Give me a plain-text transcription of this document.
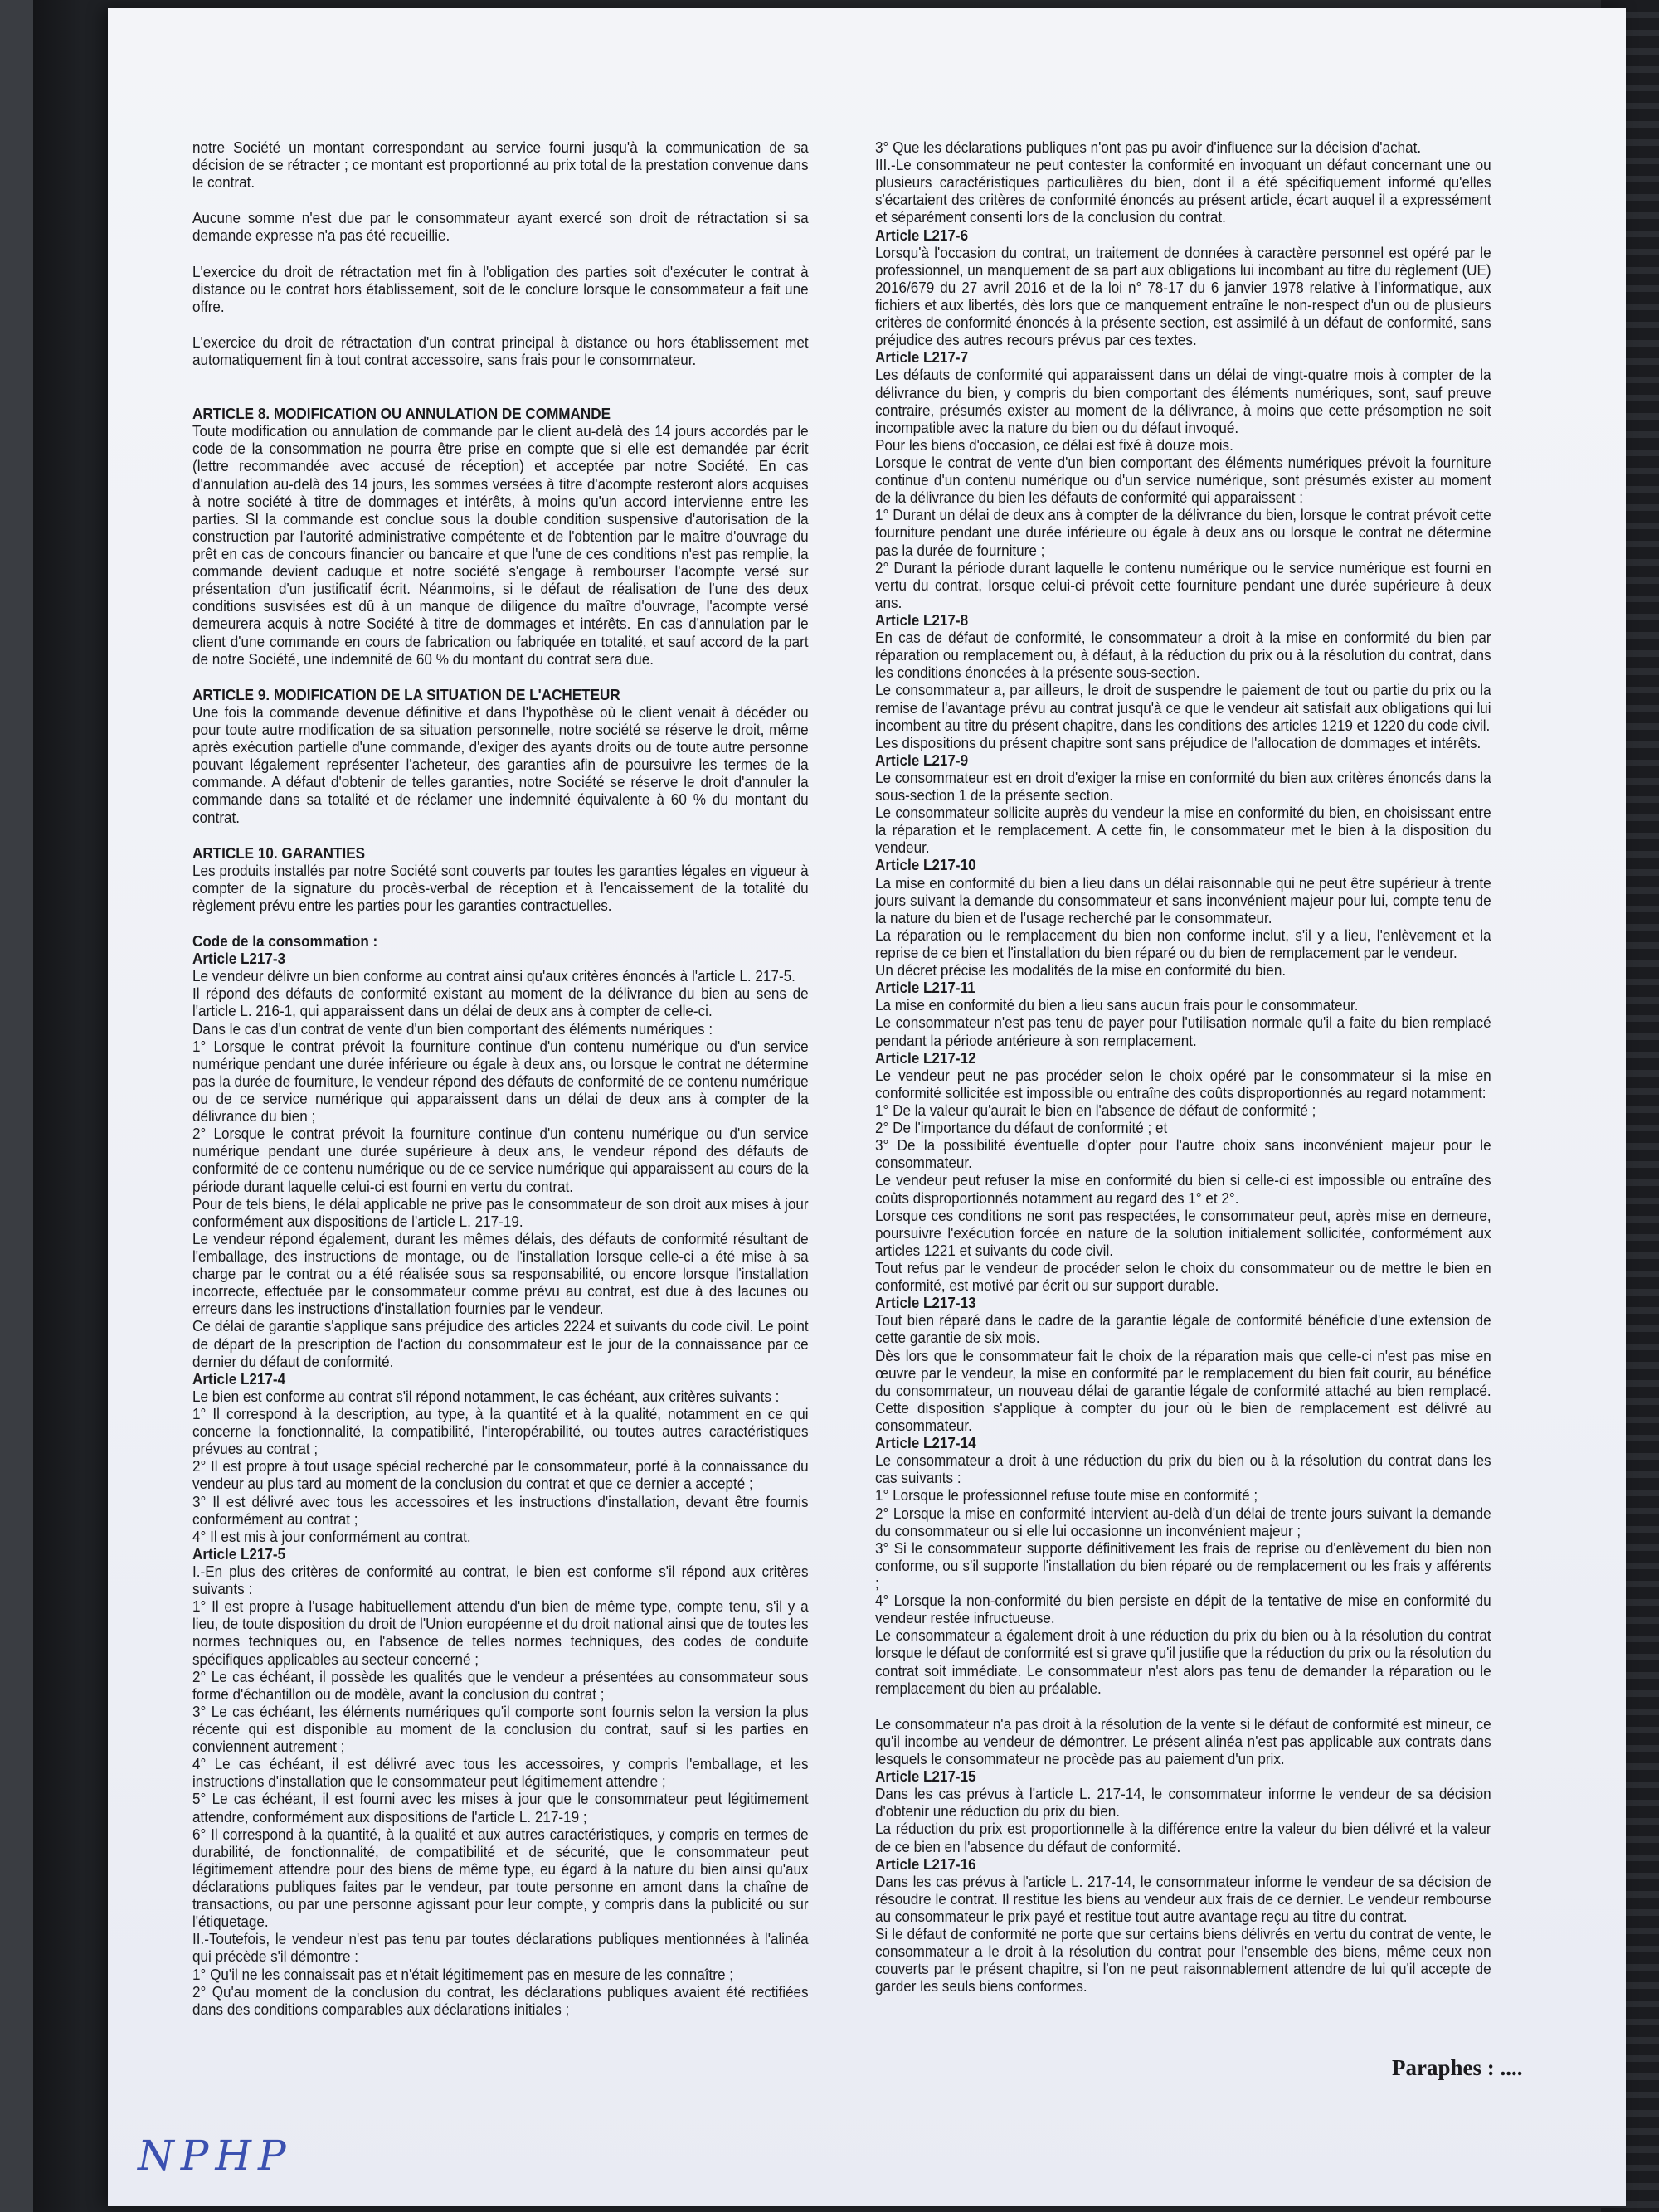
notre Société un montant correspondant au service fourni jusqu'à la communication de sa décision de se rétracter ; ce montant est proportionné au prix total de la prestation convenue dans le contrat.

Aucune somme n'est due par le consommateur ayant exercé son droit de rétractation si sa demande expresse n'a pas été recueillie.

L'exercice du droit de rétractation met fin à l'obligation des parties soit d'exécuter le contrat à distance ou le contrat hors établissement, soit de le conclure lorsque le consommateur a fait une offre.

L'exercice du droit de rétractation d'un contrat principal à distance ou hors établissement met automatiquement fin à tout contrat accessoire, sans frais pour le consommateur.

ARTICLE 8. MODIFICATION OU ANNULATION DE COMMANDE

Toute modification ou annulation de commande par le client au-delà des 14 jours accordés par le code de la consommation ne pourra être prise en compte que si elle est demandée par écrit (lettre recommandée avec accusé de réception) et acceptée par notre Société. En cas d'annulation au-delà des 14 jours, les sommes versées à titre d'acompte resteront alors acquises à notre société à titre de dommages et intérêts, à moins qu'un accord intervienne entre les parties. SI la commande est conclue sous la double condition suspensive d'autorisation de la construction par l'autorité administrative compétente et de l'obtention par le maître d'ouvrage du prêt en cas de concours financier ou bancaire et que l'une de ces conditions n'est pas remplie, la commande devient caduque et notre société s'engage à rembourser l'acompte versé sur présentation d'un justificatif écrit. Néanmoins, si le défaut de réalisation de l'une des deux conditions susvisées est dû à un manque de diligence du maître d'ouvrage, l'acompte versé demeurera acquis à notre Société à titre de dommages et intérêts. En cas d'annulation par le client d'une commande en cours de fabrication ou fabriquée en totalité, et sauf accord de la part de notre Société, une indemnité de 60 % du montant du contrat sera due.

ARTICLE 9. MODIFICATION DE LA SITUATION DE L'ACHETEUR

Une fois la commande devenue définitive et dans l'hypothèse où le client venait à décéder ou pour toute autre modification de sa situation personnelle, notre société se réserve le droit, même après exécution partielle d'une commande, d'exiger des ayants droits ou de toute autre personne pouvant légalement représenter l'acheteur, des garanties afin de poursuivre les termes de la commande. A défaut d'obtenir de telles garanties, notre Société se réserve le droit d'annuler la commande dans sa totalité et de réclamer une indemnité équivalente à 60 % du montant du contrat.

ARTICLE 10. GARANTIES

Les produits installés par notre Société sont couverts par toutes les garanties légales en vigueur à compter de la signature du procès-verbal de réception et à l'encaissement de la totalité du règlement prévu entre les parties pour les garanties contractuelles.

Code de la consommation :

Article L217-3

Le vendeur délivre un bien conforme au contrat ainsi qu'aux critères énoncés à l'article L. 217-5.

Il répond des défauts de conformité existant au moment de la délivrance du bien au sens de l'article L. 216-1, qui apparaissent dans un délai de deux ans à compter de celle-ci.

Dans le cas d'un contrat de vente d'un bien comportant des éléments numériques :

1° Lorsque le contrat prévoit la fourniture continue d'un contenu numérique ou d'un service numérique pendant une durée inférieure ou égale à deux ans, ou lorsque le contrat ne détermine pas la durée de fourniture, le vendeur répond des défauts de conformité de ce contenu numérique ou de ce service numérique qui apparaissent dans un délai de deux ans à compter de la délivrance du bien ;

2° Lorsque le contrat prévoit la fourniture continue d'un contenu numérique ou d'un service numérique pendant une durée supérieure à deux ans, le vendeur répond des défauts de conformité de ce contenu numérique ou de ce service numérique qui apparaissent au cours de la période durant laquelle celui-ci est fourni en vertu du contrat.

Pour de tels biens, le délai applicable ne prive pas le consommateur de son droit aux mises à jour conformément aux dispositions de l'article L. 217-19.

Le vendeur répond également, durant les mêmes délais, des défauts de conformité résultant de l'emballage, des instructions de montage, ou de l'installation lorsque celle-ci a été mise à sa charge par le contrat ou a été réalisée sous sa responsabilité, ou encore lorsque l'installation incorrecte, effectuée par le consommateur comme prévu au contrat, est due à des lacunes ou erreurs dans les instructions d'installation fournies par le vendeur.

Ce délai de garantie s'applique sans préjudice des articles 2224 et suivants du code civil. Le point de départ de la prescription de l'action du consommateur est le jour de la connaissance par ce dernier du défaut de conformité.

Article L217-4

Le bien est conforme au contrat s'il répond notamment, le cas échéant, aux critères suivants :

1° Il correspond à la description, au type, à la quantité et à la qualité, notamment en ce qui concerne la fonctionnalité, la compatibilité, l'interopérabilité, ou toutes autres caractéristiques prévues au contrat ;

2° Il est propre à tout usage spécial recherché par le consommateur, porté à la connaissance du vendeur au plus tard au moment de la conclusion du contrat et que ce dernier a accepté ;

3° Il est délivré avec tous les accessoires et les instructions d'installation, devant être fournis conformément au contrat ;

4° Il est mis à jour conformément au contrat.

Article L217-5

I.-En plus des critères de conformité au contrat, le bien est conforme s'il répond aux critères suivants :

1° Il est propre à l'usage habituellement attendu d'un bien de même type, compte tenu, s'il y a lieu, de toute disposition du droit de l'Union européenne et du droit national ainsi que de toutes les normes techniques ou, en l'absence de telles normes techniques, des codes de conduite spécifiques applicables au secteur concerné ;

2° Le cas échéant, il possède les qualités que le vendeur a présentées au consommateur sous forme d'échantillon ou de modèle, avant la conclusion du contrat ;

3° Le cas échéant, les éléments numériques qu'il comporte sont fournis selon la version la plus récente qui est disponible au moment de la conclusion du contrat, sauf si les parties en conviennent autrement ;

4° Le cas échéant, il est délivré avec tous les accessoires, y compris l'emballage, et les instructions d'installation que le consommateur peut légitimement attendre ;

5° Le cas échéant, il est fourni avec les mises à jour que le consommateur peut légitimement attendre, conformément aux dispositions de l'article L. 217-19 ;

6° Il correspond à la quantité, à la qualité et aux autres caractéristiques, y compris en termes de durabilité, de fonctionnalité, de compatibilité et de sécurité, que le consommateur peut légitimement attendre pour des biens de même type, eu égard à la nature du bien ainsi qu'aux déclarations publiques faites par le vendeur, par toute personne en amont dans la chaîne de transactions, ou par une personne agissant pour leur compte, y compris dans la publicité ou sur l'étiquetage.

II.-Toutefois, le vendeur n'est pas tenu par toutes déclarations publiques mentionnées à l'alinéa qui précède s'il démontre :

1° Qu'il ne les connaissait pas et n'était légitimement pas en mesure de les connaître ;

2° Qu'au moment de la conclusion du contrat, les déclarations publiques avaient été rectifiées dans des conditions comparables aux déclarations initiales ;

3° Que les déclarations publiques n'ont pas pu avoir d'influence sur la décision d'achat.

III.-Le consommateur ne peut contester la conformité en invoquant un défaut concernant une ou plusieurs caractéristiques particulières du bien, dont il a été spécifiquement informé qu'elles s'écartaient des critères de conformité énoncés au présent article, écart auquel il a expressément et séparément consenti lors de la conclusion du contrat.

Article L217-6

Lorsqu'à l'occasion du contrat, un traitement de données à caractère personnel est opéré par le professionnel, un manquement de sa part aux obligations lui incombant au titre du règlement (UE) 2016/679 du 27 avril 2016 et de la loi n° 78-17 du 6 janvier 1978 relative à l'informatique, aux fichiers et aux libertés, dès lors que ce manquement entraîne le non-respect d'un ou de plusieurs critères de conformité énoncés à la présente section, est assimilé à un défaut de conformité, sans préjudice des autres recours prévus par ces textes.

Article L217-7

Les défauts de conformité qui apparaissent dans un délai de vingt-quatre mois à compter de la délivrance du bien, y compris du bien comportant des éléments numériques, sont, sauf preuve contraire, présumés exister au moment de la délivrance, à moins que cette présomption ne soit incompatible avec la nature du bien ou du défaut invoqué.

Pour les biens d'occasion, ce délai est fixé à douze mois.

Lorsque le contrat de vente d'un bien comportant des éléments numériques prévoit la fourniture continue d'un contenu numérique ou d'un service numérique, sont présumés exister au moment de la délivrance du bien les défauts de conformité qui apparaissent :

1° Durant un délai de deux ans à compter de la délivrance du bien, lorsque le contrat prévoit cette fourniture pendant une durée inférieure ou égale à deux ans ou lorsque le contrat ne détermine pas la durée de fourniture ;

2° Durant la période durant laquelle le contenu numérique ou le service numérique est fourni en vertu du contrat, lorsque celui-ci prévoit cette fourniture pendant une durée supérieure à deux ans.

Article L217-8

En cas de défaut de conformité, le consommateur a droit à la mise en conformité du bien par réparation ou remplacement ou, à défaut, à la réduction du prix ou à la résolution du contrat, dans les conditions énoncées à la présente sous-section.

Le consommateur a, par ailleurs, le droit de suspendre le paiement de tout ou partie du prix ou la remise de l'avantage prévu au contrat jusqu'à ce que le vendeur ait satisfait aux obligations qui lui incombent au titre du présent chapitre, dans les conditions des articles 1219 et 1220 du code civil.

Les dispositions du présent chapitre sont sans préjudice de l'allocation de dommages et intérêts.

Article L217-9

Le consommateur est en droit d'exiger la mise en conformité du bien aux critères énoncés dans la sous-section 1 de la présente section.

Le consommateur sollicite auprès du vendeur la mise en conformité du bien, en choisissant entre la réparation et le remplacement. A cette fin, le consommateur met le bien à la disposition du vendeur.

Article L217-10

La mise en conformité du bien a lieu dans un délai raisonnable qui ne peut être supérieur à trente jours suivant la demande du consommateur et sans inconvénient majeur pour lui, compte tenu de la nature du bien et de l'usage recherché par le consommateur.

La réparation ou le remplacement du bien non conforme inclut, s'il y a lieu, l'enlèvement et la reprise de ce bien et l'installation du bien réparé ou du bien de remplacement par le vendeur.

Un décret précise les modalités de la mise en conformité du bien.

Article L217-11

La mise en conformité du bien a lieu sans aucun frais pour le consommateur.

Le consommateur n'est pas tenu de payer pour l'utilisation normale qu'il a faite du bien remplacé pendant la période antérieure à son remplacement.

Article L217-12

Le vendeur peut ne pas procéder selon le choix opéré par le consommateur si la mise en conformité sollicitée est impossible ou entraîne des coûts disproportionnés au regard notamment:

1° De la valeur qu'aurait le bien en l'absence de défaut de conformité ;

2° De l'importance du défaut de conformité ; et

3° De la possibilité éventuelle d'opter pour l'autre choix sans inconvénient majeur pour le consommateur.

Le vendeur peut refuser la mise en conformité du bien si celle-ci est impossible ou entraîne des coûts disproportionnés notamment au regard des 1° et 2°.

Lorsque ces conditions ne sont pas respectées, le consommateur peut, après mise en demeure, poursuivre l'exécution forcée en nature de la solution initialement sollicitée, conformément aux articles 1221 et suivants du code civil.

Tout refus par le vendeur de procéder selon le choix du consommateur ou de mettre le bien en conformité, est motivé par écrit ou sur support durable.

Article L217-13

Tout bien réparé dans le cadre de la garantie légale de conformité bénéficie d'une extension de cette garantie de six mois.

Dès lors que le consommateur fait le choix de la réparation mais que celle-ci n'est pas mise en œuvre par le vendeur, la mise en conformité par le remplacement du bien fait courir, au bénéfice du consommateur, un nouveau délai de garantie légale de conformité attaché au bien remplacé. Cette disposition s'applique à compter du jour où le bien de remplacement est délivré au consommateur.

Article L217-14

Le consommateur a droit à une réduction du prix du bien ou à la résolution du contrat dans les cas suivants :

1° Lorsque le professionnel refuse toute mise en conformité ;

2° Lorsque la mise en conformité intervient au-delà d'un délai de trente jours suivant la demande du consommateur ou si elle lui occasionne un inconvénient majeur ;

3° Si le consommateur supporte définitivement les frais de reprise ou d'enlèvement du bien non conforme, ou s'il supporte l'installation du bien réparé ou de remplacement ou les frais y afférents ;

4° Lorsque la non-conformité du bien persiste en dépit de la tentative de mise en conformité du vendeur restée infructueuse.

Le consommateur a également droit à une réduction du prix du bien ou à la résolution du contrat lorsque le défaut de conformité est si grave qu'il justifie que la réduction du prix ou la résolution du contrat soit immédiate. Le consommateur n'est alors pas tenu de demander la réparation ou le remplacement du bien au préalable.

Le consommateur n'a pas droit à la résolution de la vente si le défaut de conformité est mineur, ce qu'il incombe au vendeur de démontrer. Le présent alinéa n'est pas applicable aux contrats dans lesquels le consommateur ne procède pas au paiement d'un prix.

Article L217-15

Dans les cas prévus à l'article L. 217-14, le consommateur informe le vendeur de sa décision d'obtenir une réduction du prix du bien.

La réduction du prix est proportionnelle à la différence entre la valeur du bien délivré et la valeur de ce bien en l'absence du défaut de conformité.

Article L217-16

Dans les cas prévus à l'article L. 217-14, le consommateur informe le vendeur de sa décision de résoudre le contrat. Il restitue les biens au vendeur aux frais de ce dernier. Le vendeur rembourse au consommateur le prix payé et restitue tout autre avantage reçu au titre du contrat.

Si le défaut de conformité ne porte que sur certains biens délivrés en vertu du contrat de vente, le consommateur a le droit à la résolution du contrat pour l'ensemble des biens, même ceux non couverts par le présent chapitre, si l'on ne peut raisonnablement attendre de lui qu'il accepte de garder les seuls biens conformes.

Paraphes : ....
NPHP
